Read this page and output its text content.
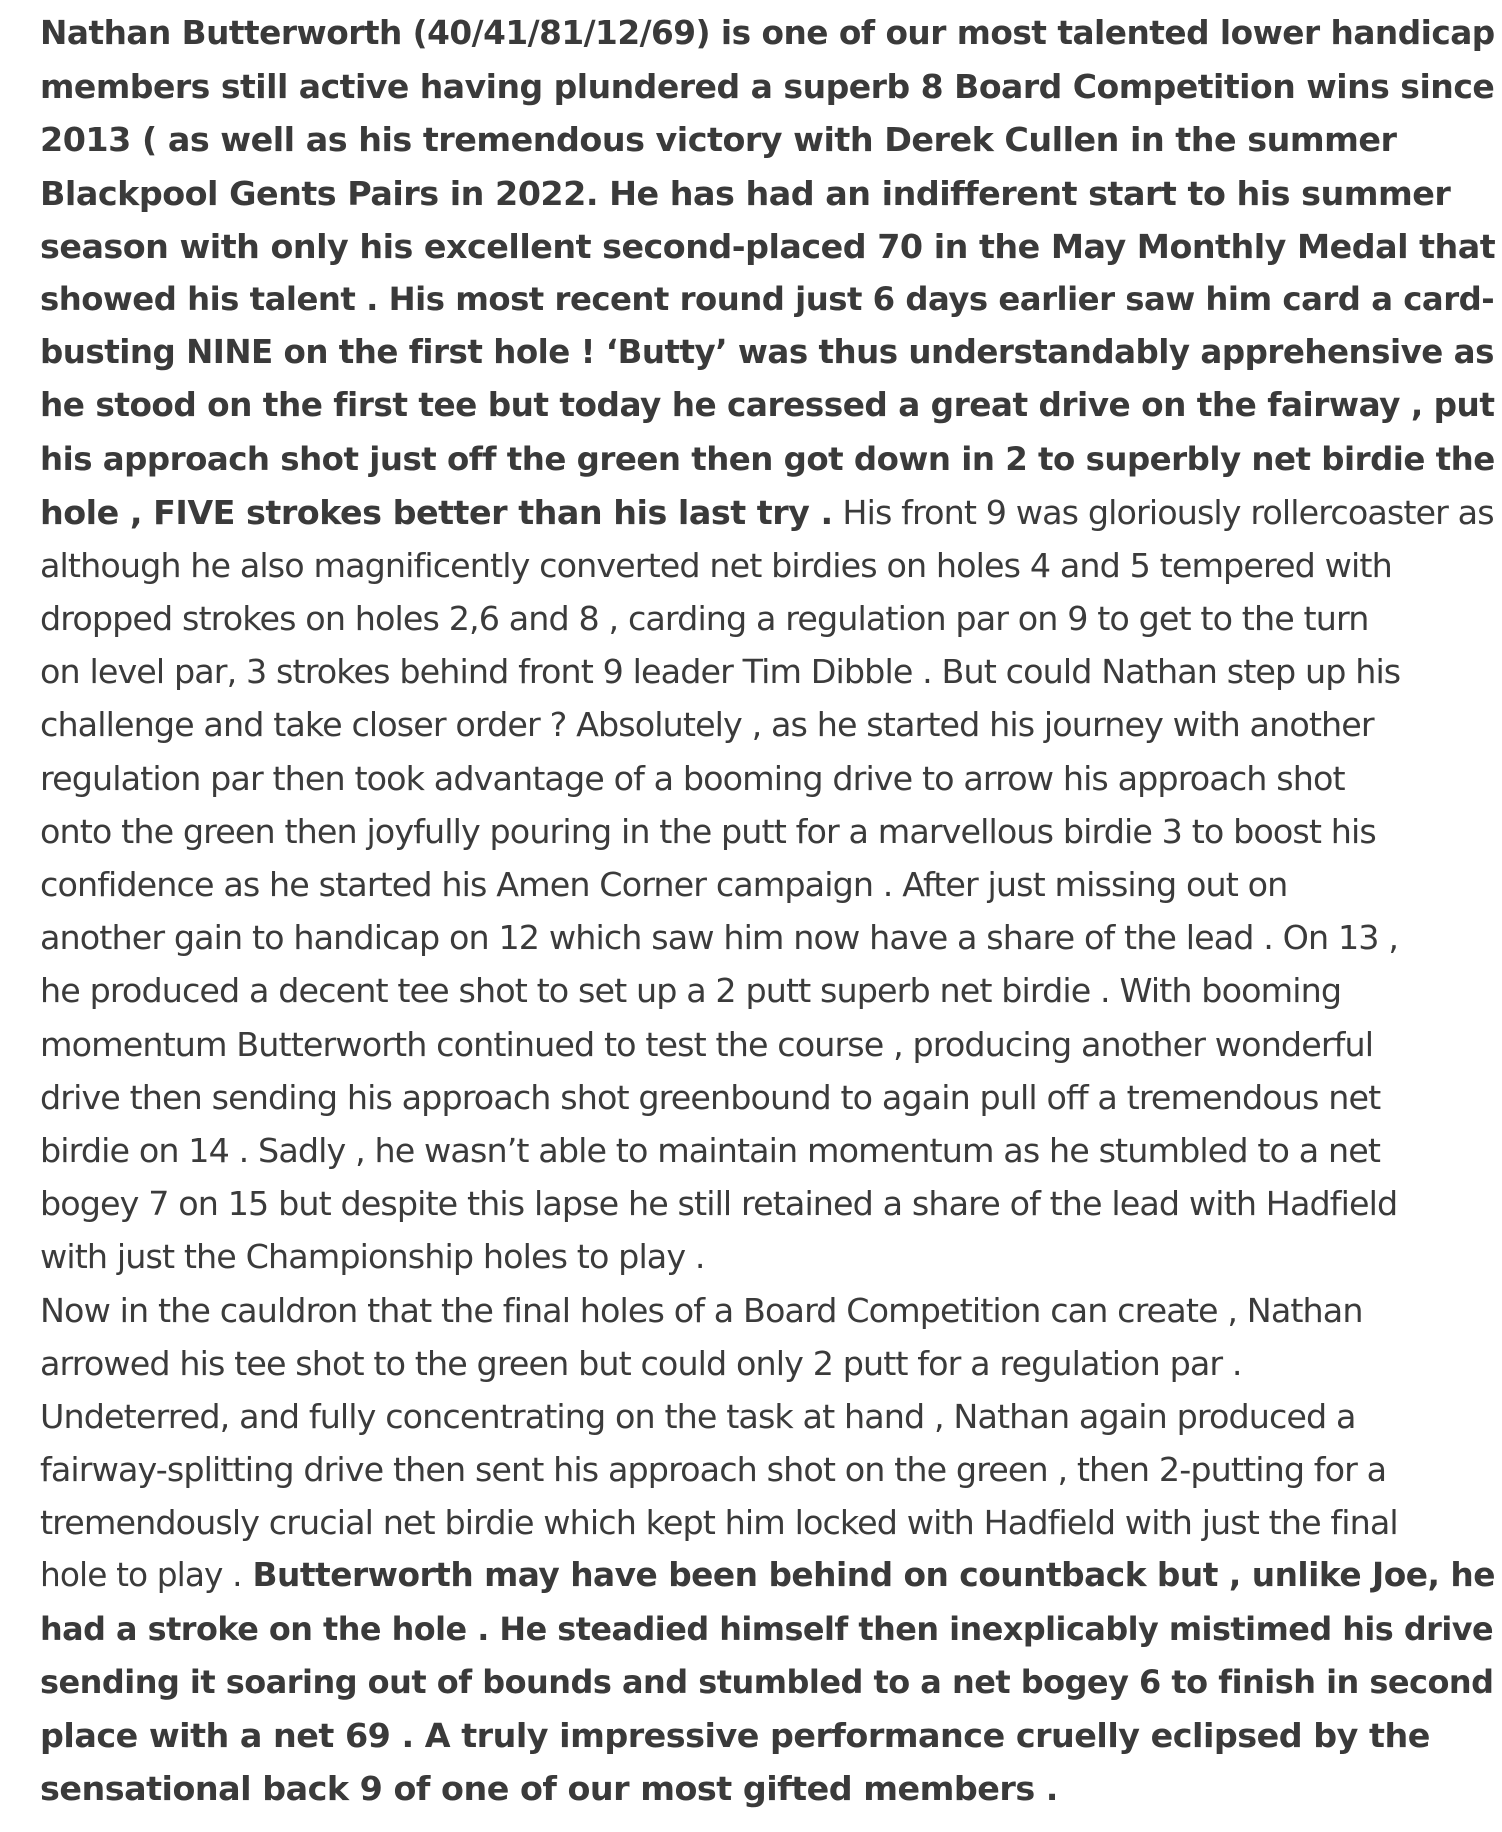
Nathan Butterworth (40/41/81/12/69) is one of our most talented lower handicap
members still active having plundered a superb 8 Board Competition wins since
2013 ( as well as his tremendous victory with Derek Cullen in the summer
Blackpool Gents Pairs in 2022. He has had an indifferent start to his summer
season with only his excellent second-placed 70 in the May Monthly Medal that
showed his talent . His most recent round just 6 days earlier saw him card a card-
busting NINE on the first hole ! ‘Butty’ was thus understandably apprehensive as
he stood on the first tee but today he caressed a great drive on the fairway , put
his approach shot just off the green then got down in 2 to superbly net birdie the
hole , FIVE strokes better than his last try . His front 9 was gloriously rollercoaster as
although he also magnificently converted net birdies on holes 4 and 5 tempered with
dropped strokes on holes 2,6 and 8 , carding a regulation par on 9 to get to the turn
on level par, 3 strokes behind front 9 leader Tim Dibble . But could Nathan step up his
challenge and take closer order ? Absolutely , as he started his journey with another
regulation par then took advantage of a booming drive to arrow his approach shot
onto the green then joyfully pouring in the putt for a marvellous birdie 3 to boost his
confidence as he started his Amen Corner campaign . After just missing out on
another gain to handicap on 12 which saw him now have a share of the lead . On 13 ,
he produced a decent tee shot to set up a 2 putt superb net birdie . With booming
momentum Butterworth continued to test the course , producing another wonderful
drive then sending his approach shot greenbound to again pull off a tremendous net
birdie on 14 . Sadly , he wasn’t able to maintain momentum as he stumbled to a net
bogey 7 on 15 but despite this lapse he still retained a share of the lead with Hadfield
with just the Championship holes to play .
Now in the cauldron that the final holes of a Board Competition can create , Nathan
arrowed his tee shot to the green but could only 2 putt for a regulation par .
Undeterred, and fully concentrating on the task at hand , Nathan again produced a
fairway-splitting drive then sent his approach shot on the green , then 2-putting for a
tremendously crucial net birdie which kept him locked with Hadfield with just the final
hole to play . Butterworth may have been behind on countback but , unlike Joe, he
had a stroke on the hole . He steadied himself then inexplicably mistimed his drive
sending it soaring out of bounds and stumbled to a net bogey 6 to finish in second
place with a net 69 . A truly impressive performance cruelly eclipsed by the
sensational back 9 of one of our most gifted members .
